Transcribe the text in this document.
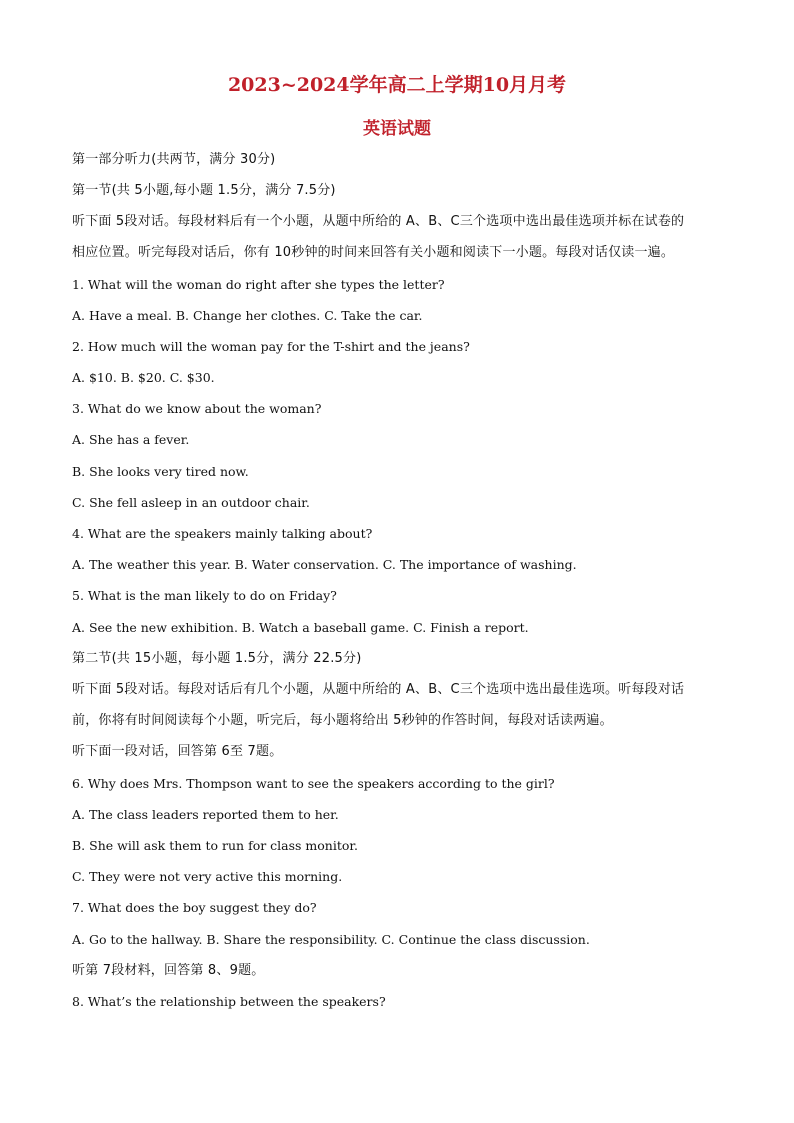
2023~2024学年高二上学期10月月考
英语试题
第一部分听力(共两节，满分 30分)
第一节(共 5小题,每小题 1.5分，满分 7.5分)
听下面 5段对话。每段材料后有一个小题，从题中所给的 A、B、C三个选项中选出最佳选项并标在试卷的
相应位置。听完每段对话后，你有 10秒钟的时间来回答有关小题和阅读下一小题。每段对话仅读一遍。
1. What will the woman do right after she types the letter?
A. Have a meal. B. Change her clothes. C. Take the car.
2. How much will the woman pay for the T-shirt and the jeans?
A. $10. B. $20. C. $30.
3. What do we know about the woman?
A. She has a fever.
B. She looks very tired now.
C. She fell asleep in an outdoor chair.
4. What are the speakers mainly talking about?
A. The weather this year. B. Water conservation. C. The importance of washing.
5. What is the man likely to do on Friday?
A. See the new exhibition. B. Watch a baseball game. C. Finish a report.
第二节(共 15小题，每小题 1.5分，满分 22.5分)
听下面 5段对话。每段对话后有几个小题，从题中所给的 A、B、C三个选项中选出最佳选项。听每段对话
前，你将有时间阅读每个小题，听完后，每小题将给出 5秒钟的作答时间，每段对话读两遍。
听下面一段对话，回答第 6至 7题。
6. Why does Mrs. Thompson want to see the speakers according to the girl?
A. The class leaders reported them to her.
B. She will ask them to run for class monitor.
C. They were not very active this morning.
7. What does the boy suggest they do?
A. Go to the hallway. B. Share the responsibility. C. Continue the class discussion.
听第 7段材料，回答第 8、9题。
8. What’s the relationship between the speakers?
